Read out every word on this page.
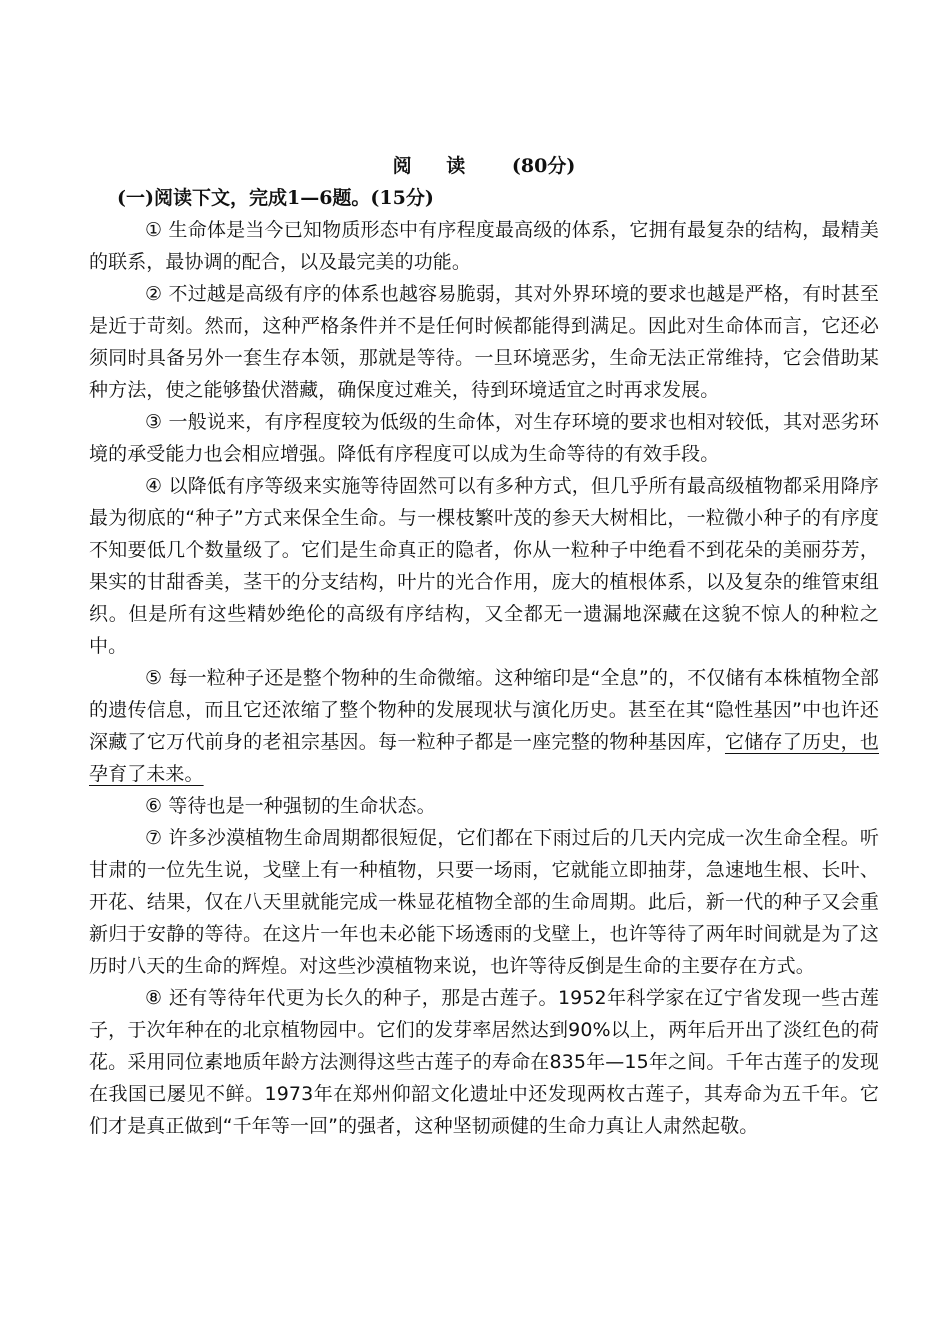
阅 读 (80分)
(一)阅读下文，完成1—6题。(15分)

① 生命体是当今已知物质形态中有序程度最高级的体系，它拥有最复杂的结构，最精美的联系，最协调的配合，以及最完美的功能。

② 不过越是高级有序的体系也越容易脆弱，其对外界环境的要求也越是严格，有时甚至是近于苛刻。然而，这种严格条件并不是任何时候都能得到满足。因此对生命体而言，它还必须同时具备另外一套生存本领，那就是等待。一旦环境恶劣，生命无法正常维持，它会借助某种方法，使之能够蛰伏潜藏，确保度过难关，待到环境适宜之时再求发展。

③ 一般说来，有序程度较为低级的生命体，对生存环境的要求也相对较低，其对恶劣环境的承受能力也会相应增强。降低有序程度可以成为生命等待的有效手段。

④ 以降低有序等级来实施等待固然可以有多种方式，但几乎所有最高级植物都采用降序最为彻底的“种子”方式来保全生命。与一棵枝繁叶茂的参天大树相比，一粒微小种子的有序度不知要低几个数量级了。它们是生命真正的隐者，你从一粒种子中绝看不到花朵的美丽芬芳，果实的甘甜香美，茎干的分支结构，叶片的光合作用，庞大的植根体系，以及复杂的维管束组织。但是所有这些精妙绝伦的高级有序结构，又全都无一遗漏地深藏在这貌不惊人的种粒之中。

⑤ 每一粒种子还是整个物种的生命微缩。这种缩印是“全息”的，不仅储有本株植物全部的遗传信息，而且它还浓缩了整个物种的发展现状与演化历史。甚至在其“隐性基因”中也许还深藏了它万代前身的老祖宗基因。每一粒种子都是一座完整的物种基因库，它储存了历史，也孕育了未来。

⑥ 等待也是一种强韧的生命状态。

⑦ 许多沙漠植物生命周期都很短促，它们都在下雨过后的几天内完成一次生命全程。听甘肃的一位先生说，戈壁上有一种植物，只要一场雨，它就能立即抽芽，急速地生根、长叶、开花、结果，仅在八天里就能完成一株显花植物全部的生命周期。此后，新一代的种子又会重新归于安静的等待。在这片一年也未必能下场透雨的戈壁上，也许等待了两年时间就是为了这历时八天的生命的辉煌。对这些沙漠植物来说，也许等待反倒是生命的主要存在方式。

⑧ 还有等待年代更为长久的种子，那是古莲子。1952年科学家在辽宁省发现一些古莲子，于次年种在的北京植物园中。它们的发芽率居然达到90%以上，两年后开出了淡红色的荷花。采用同位素地质年龄方法测得这些古莲子的寿命在835年—15年之间。千年古莲子的发现在我国已屡见不鲜。1973年在郑州仰韶文化遗址中还发现两枚古莲子，其寿命为五千年。它们才是真正做到“千年等一回”的强者，这种坚韧顽健的生命力真让人肃然起敬。
